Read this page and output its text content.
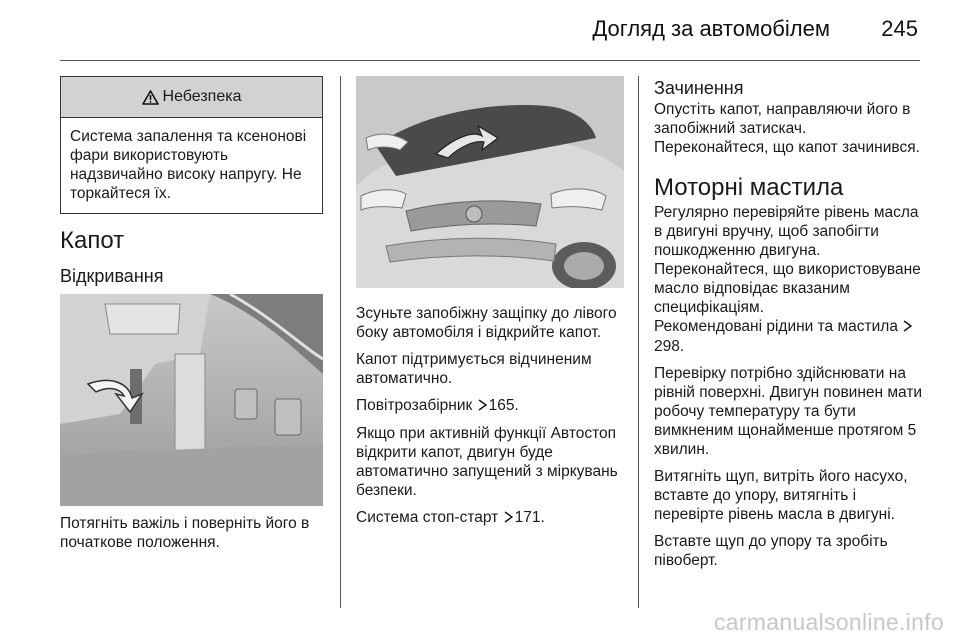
Догляд за автомобілем 245
Небезпека
Система запалення та ксенонові фари використовують надзвичайно високу напругу. Не торкайтеся їх.
Капот
Відкривання
Потягніть важіль і поверніть його в початкове положення.
Зсуньте запобіжну защіпку до лівого боку автомобіля і відкрийте капот.
Капот підтримується відчиненим автоматично.
Повітрозабірник 165.
Якщо при активній функції Автостоп відкрити капот, двигун буде автоматично запущений з міркувань безпеки.
Система стоп-старт 171.
Зачинення
Опустіть капот, направляючи його в запобіжний затискач.
Переконайтеся, що капот зачинився.
Моторні мастила
Регулярно перевіряйте рівень масла в двигуні вручну, щоб запобігти пошкодженню двигуна.
Переконайтеся, що використовуване масло відповідає вказаним специфікаціям.
Рекомендовані рідини та мастила 298.
Перевірку потрібно здійснювати на рівній поверхні. Двигун повинен мати робочу температуру та бути вимкненим щонайменше протягом 5 хвилин.
Витягніть щуп, витріть його насухо, вставте до упору, витягніть і перевірте рівень масла в двигуні.
Вставте щуп до упору та зробіть півоберт.
carmanualsonline.info
